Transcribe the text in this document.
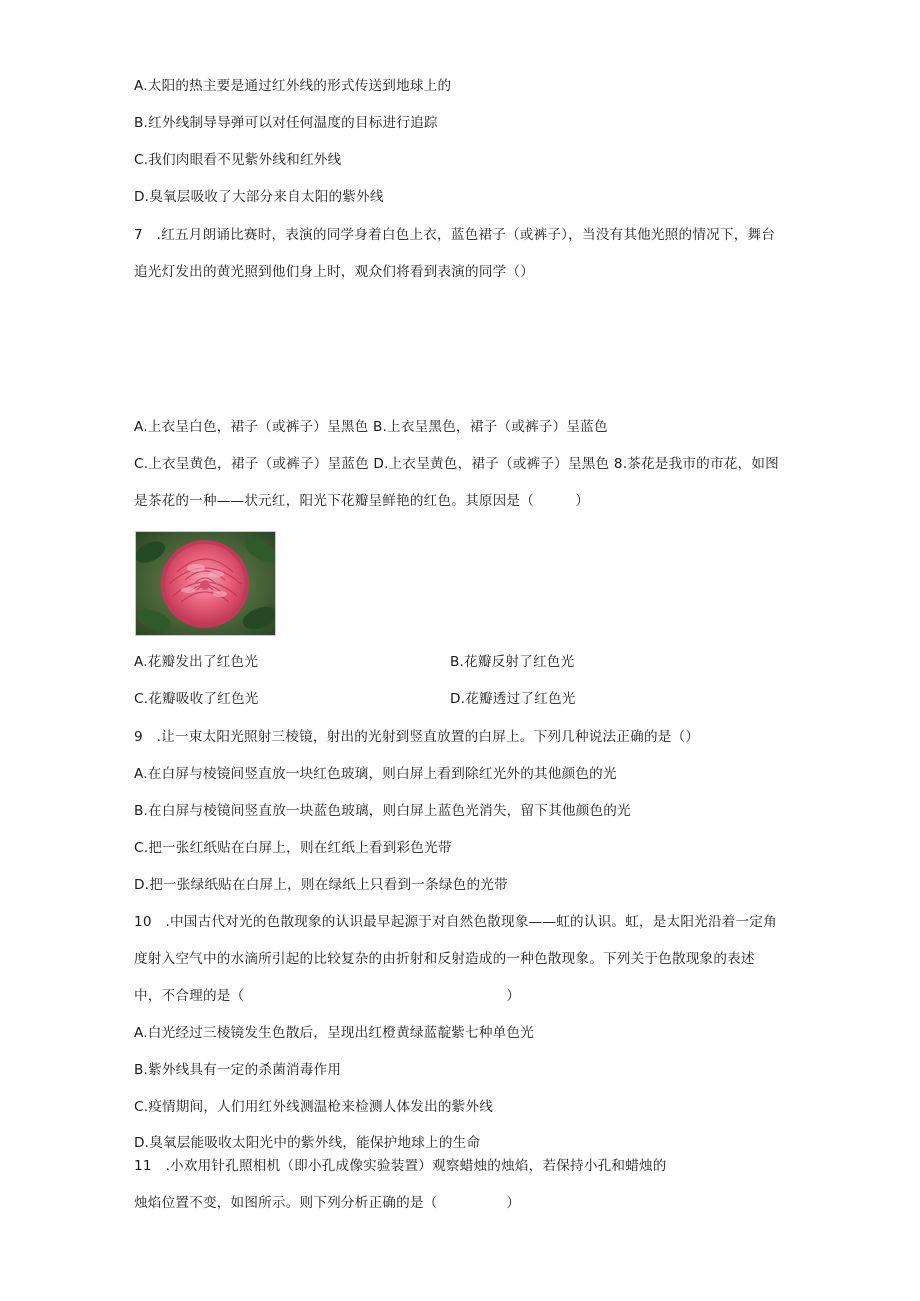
A.太阳的热主要是通过红外线的形式传送到地球上的
B.红外线制导导弹可以对任何温度的目标进行追踪
C.我们肉眼看不见紫外线和红外线
D.臭氧层吸收了大部分来自太阳的紫外线
7　.红五月朗诵比赛时，表演的同学身着白色上衣，蓝色裙子（或裤子），当没有其他光照的情况下，舞台
追光灯发出的黄光照到他们身上时，观众们将看到表演的同学（）
A.上衣呈白色，裙子（或裤子）呈黑色 B.上衣呈黑色，裙子（或裤子）呈蓝色
C.上衣呈黄色，裙子（或裤子）呈蓝色 D.上衣呈黄色，裙子（或裤子）呈黑色 8.茶花是我市的市花，如图
是茶花的一种——状元红，阳光下花瓣呈鲜艳的红色。其原因是（　　　）
A.花瓣发出了红色光	B.花瓣反射了红色光
C.花瓣吸收了红色光	D.花瓣透过了红色光
9　.让一束太阳光照射三棱镜，射出的光射到竖直放置的白屏上。下列几种说法正确的是（）
A.在白屏与棱镜间竖直放一块红色玻璃，则白屏上看到除红光外的其他颜色的光
B.在白屏与棱镜间竖直放一块蓝色玻璃，则白屏上蓝色光消失，留下其他颜色的光
C.把一张红纸贴在白屏上，则在红纸上看到彩色光带
D.把一张绿纸贴在白屏上，则在绿纸上只看到一条绿色的光带
10　.中国古代对光的色散现象的认识最早起源于对自然色散现象——虹的认识。虹，是太阳光沿着一定角
度射入空气中的水滴所引起的比较复杂的由折射和反射造成的一种色散现象。下列关于色散现象的表述
中，不合理的是（　　　　　　　　　　　　　　　　　　　）
A.白光经过三棱镜发生色散后，呈现出红橙黄绿蓝靛紫七种单色光
B.紫外线具有一定的杀菌消毒作用
C.疫情期间，人们用红外线测温枪来检测人体发出的紫外线
D.臭氧层能吸收太阳光中的紫外线，能保护地球上的生命
11　.小欢用针孔照相机（即小孔成像实验装置）观察蜡烛的烛焰，若保持小孔和蜡烛的
烛焰位置不变，如图所示。则下列分析正确的是（　　　　　）
